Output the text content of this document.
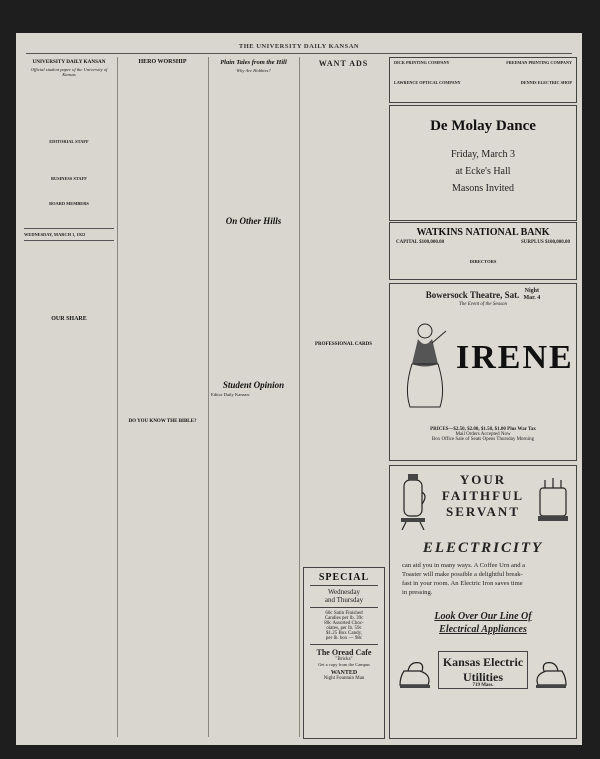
THE UNIVERSITY DAILY KANSAN
UNIVERSITY DAILY KANSAN
Official student paper of the University of Kansas
EDITORIAL STAFF
BUSINESS STAFF
BOARD MEMBERS
WEDNESDAY, MARCH 1, 1922
OUR SHARE
HERO WORSHIP
DO YOU KNOW THE BIBLE?
Plain Tales from the Hill
Why Are Hobbies?
On Other Hills
Student Opinion
Editor Daily Kansan:
WANT ADS
PROFESSIONAL CARDS
SPECIAL
Wednesday
and Thursday
60c Satin Finished
Candies per lb. 39c
80c Assorted Choc-
olates, per lb. 59c
$1.25 Box Candy,
per lb. box — 98c
The Oread Cafe
"Bricks"
Get a copy from the Campus
WANTED
Night Fountain Man
DICK PRINTING COMPANY	FREEMAN PRINTING COMPANY
LAWRENCE OPTICAL COMPANY	DENNIS ELECTRIC SHOP
De Molay Dance
Friday, March 3
at Ecke's Hall
Masons Invited
WATKINS NATIONAL BANK
CAPITAL $100,000.00	SURPLUS $100,000.00
DIRECTORS
Bowersock Theatre, Sat. Night
Mar. 4
The Event of the Season
IRENE
PRICES—$2.50, $2.00, $1.50, $1.00 Plus War Tax
Mail Orders Accepted Now
Box Office Sale of Seats Opens Thursday Morning
YOUR
FAITHFUL
SERVANT
ELECTRICITY
can aid you in many ways. A Coffee Urn and a
Toaster will make possible a delightful break-
fast in your room. An Electric Iron saves time
in pressing.
Look Over Our Line Of
Electrical Appliances
Kansas Electric
Utilities
719 Mass.
